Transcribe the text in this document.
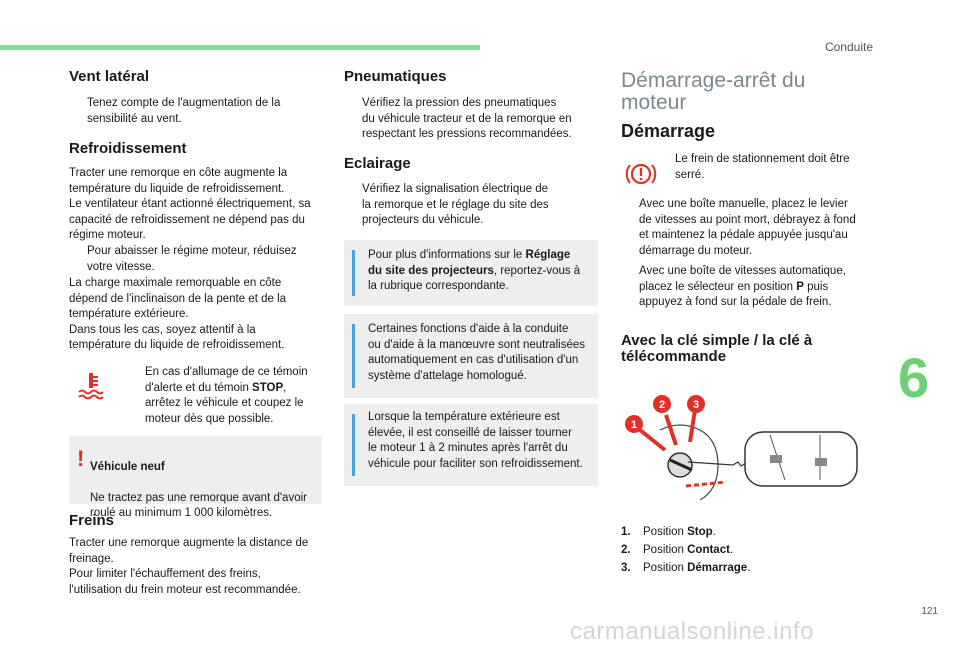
Conduite
6
121
Vent latéral
Tenez compte de l'augmentation de la
sensibilité au vent.
Refroidissement
Tracter une remorque en côte augmente la
température du liquide de refroidissement.
Le ventilateur étant actionné électriquement, sa
capacité de refroidissement ne dépend pas du
régime moteur.
Pour abaisser le régime moteur, réduisez
votre vitesse.
La charge maximale remorquable en côte
dépend de l'inclinaison de la pente et de la
température extérieure.
Dans tous les cas, soyez attentif à la
température du liquide de refroidissement.
En cas d'allumage de ce témoin
d'alerte et du témoin STOP,
arrêtez le véhicule et coupez le
moteur dès que possible.
! Véhicule neuf

Ne tractez pas une remorque avant d'avoir
roulé au minimum 1 000 kilomètres.

Freins
Tracter une remorque augmente la distance de
freinage.
Pour limiter l'échauffement des freins,
l'utilisation du frein moteur est recommandée.
Pneumatiques
Vérifiez la pression des pneumatiques
du véhicule tracteur et de la remorque en
respectant les pressions recommandées.
Eclairage
Vérifiez la signalisation électrique de
la remorque et le réglage du site des
projecteurs du véhicule.
Pour plus d'informations sur le Réglage
du site des projecteurs, reportez-vous à
la rubrique correspondante.
Certaines fonctions d'aide à la conduite
ou d'aide à la manœuvre sont neutralisées
automatiquement en cas d'utilisation d'un
système d'attelage homologué.
Lorsque la température extérieure est
élevée, il est conseillé de laisser tourner
le moteur 1 à 2 minutes après l'arrêt du
véhicule pour faciliter son refroidissement.
Démarrage-arrêt du
moteur
Démarrage
Le frein de stationnement doit être
serré.
Avec une boîte manuelle, placez le levier
de vitesses au point mort, débrayez à fond
et maintenez la pédale appuyée jusqu'au
démarrage du moteur.
Avec une boîte de vitesses automatique,
placez le sélecteur en position P puis
appuyez à fond sur la pédale de frein.
Avec la clé simple / la clé à
télécommande
1
2	3
1. Position Stop.
2. Position Contact.
3. Position Démarrage.
carmanualsonline.info
